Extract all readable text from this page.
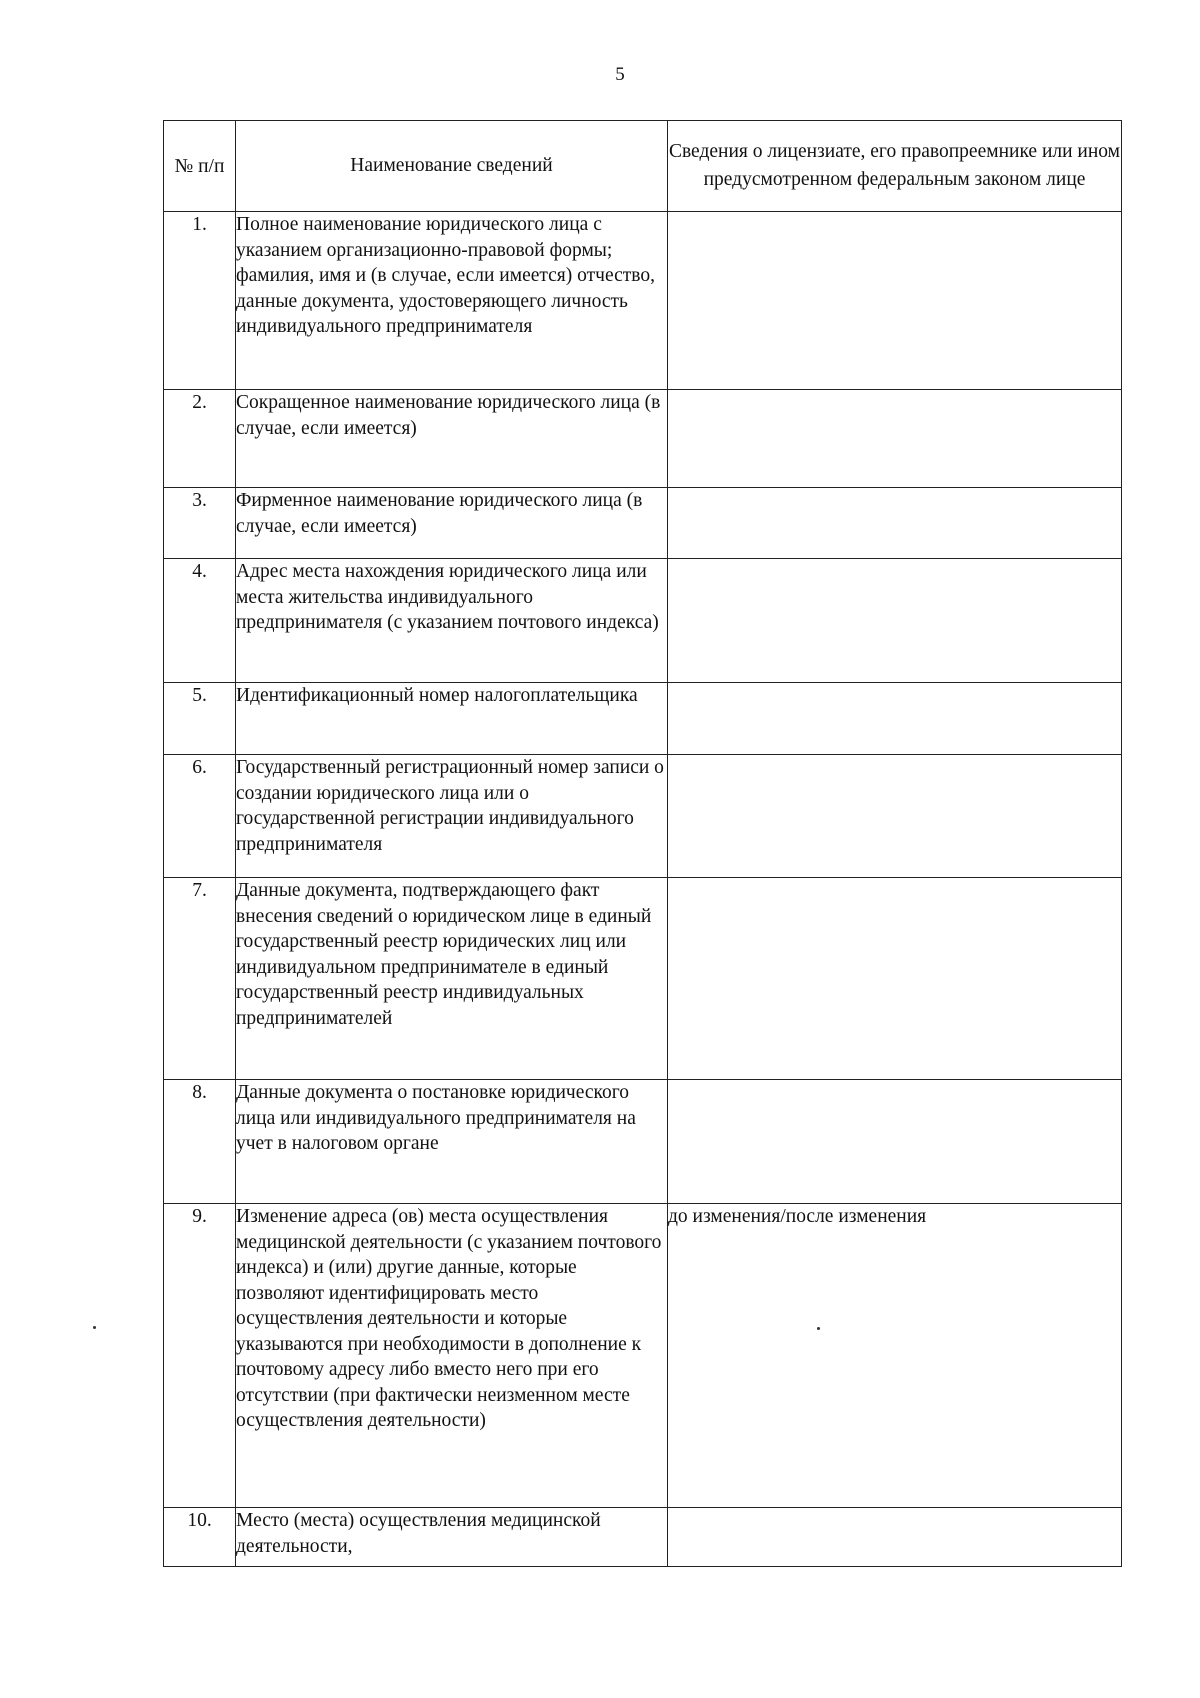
5
№ п/п	Наименование сведений	Сведения о лицензиате, его правопреемнике или ином предусмотренном федеральным законом лице
1.	Полное наименование юридического лица с указанием организационно-правовой формы; фамилия, имя и (в случае, если имеется) отчество, данные документа, удостоверяющего личность индивидуального предпринимателя	
2.	Сокращенное наименование юридического лица (в случае, если имеется)	
3.	Фирменное наименование юридического лица (в случае, если имеется)	
4.	Адрес места нахождения юридического лица или места жительства индивидуального предпринимателя (с указанием почтового индекса)	
5.	Идентификационный номер налогоплательщика	
6.	Государственный регистрационный номер записи о создании юридического лица или о государственной регистрации индивидуального предпринимателя	
7.	Данные документа, подтверждающего факт внесения сведений о юридическом лице в единый государственный реестр юридических лиц или индивидуальном предпринимателе в единый государственный реестр индивидуальных предпринимателей	
8.	Данные документа о постановке юридического лица или индивидуального предпринимателя на учет в налоговом органе	
9.	Изменение адреса (ов) места осуществления медицинской деятельности (с указанием почтового индекса) и (или) другие данные, которые позволяют идентифицировать место осуществления деятельности и которые указываются при необходимости в дополнение к почтовому адресу либо вместо него при его отсутствии (при фактически неизменном месте осуществления деятельности)	до изменения/после изменения
10.	Место (места) осуществления медицинской деятельности,	
